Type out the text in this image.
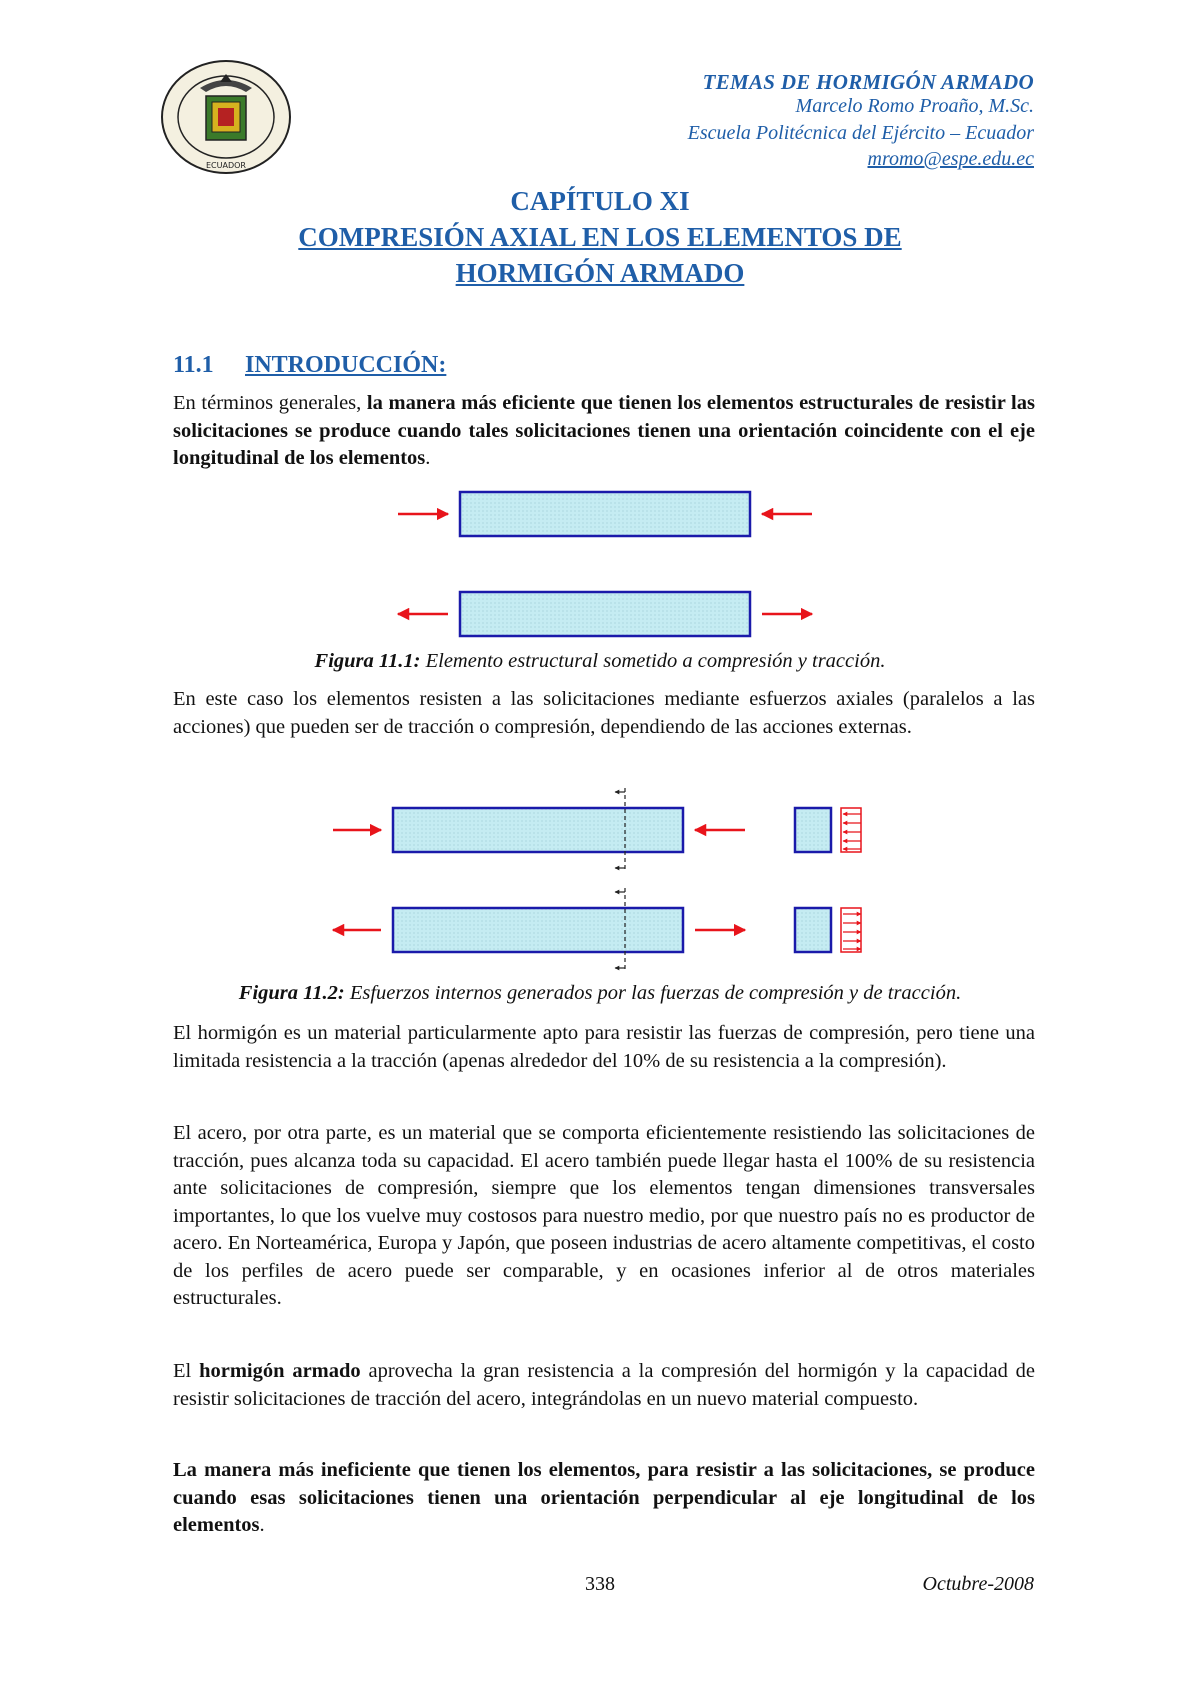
ECUADOR
TEMAS DE HORMIGÓN ARMADO
Marcelo Romo Proaño, M.Sc.
Escuela Politécnica del Ejército – Ecuador
mromo@espe.edu.ec
CAPÍTULO XI
COMPRESIÓN AXIAL EN LOS ELEMENTOS DE
HORMIGÓN ARMADO
11.1 INTRODUCCIÓN:
En términos generales, la manera más eficiente que tienen los elementos estructurales de resistir las solicitaciones se produce cuando tales solicitaciones tienen una orientación coincidente con el eje longitudinal de los elementos.
Figura 11.1: Elemento estructural sometido a compresión y tracción.
En este caso los elementos resisten a las solicitaciones mediante esfuerzos axiales (paralelos a las acciones) que pueden ser de tracción o compresión, dependiendo de las acciones externas.
Figura 11.2: Esfuerzos internos generados por las fuerzas de compresión y de tracción.
El hormigón es un material particularmente apto para resistir las fuerzas de compresión, pero tiene una limitada resistencia a la tracción (apenas alrededor del 10% de su resistencia a la compresión).
El acero, por otra parte, es un material que se comporta eficientemente resistiendo las solicitaciones de tracción, pues alcanza toda su capacidad. El acero también puede llegar hasta el 100% de su resistencia ante solicitaciones de compresión, siempre que los elementos tengan dimensiones transversales importantes, lo que los vuelve muy costosos para nuestro medio, por que nuestro país no es productor de acero. En Norteamérica, Europa y Japón, que poseen industrias de acero altamente competitivas, el costo de los perfiles de acero puede ser comparable, y en ocasiones inferior al de otros materiales estructurales.
El hormigón armado aprovecha la gran resistencia a la compresión del hormigón y la capacidad de resistir solicitaciones de tracción del acero, integrándolas en un nuevo material compuesto.
La manera más ineficiente que tienen los elementos, para resistir a las solicitaciones, se produce cuando esas solicitaciones tienen una orientación perpendicular al eje longitudinal de los elementos.
338	Octubre-2008
